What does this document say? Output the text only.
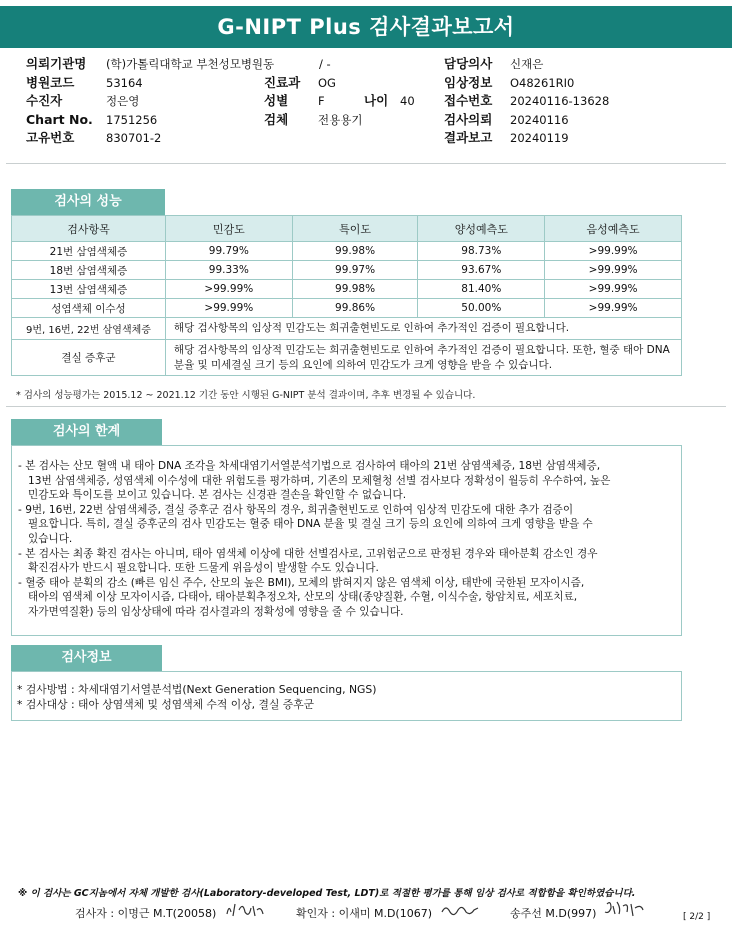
G-NIPT Plus 검사결과보고서
의뢰기관명 (학)가톨릭대학교 부천성모병원동	/ -	담당의사 신재은
병원코드	53164	진료과 OG	임상정보 O48261RI0
수진자	정은영	성별	F	나이 40 접수번호 20240116-13628
Chart No. 1751256	검체	전용용기	검사의뢰 20240116
고유번호	830701-2	결과보고 20240119
검사의 성능
검사항목	민감도	특이도	양성예측도	음성예측도
21번 삼염색체증	99.79%	99.98%	98.73%	>99.99%
18번 삼염색체증	99.33%	99.97%	93.67%	>99.99%
13번 삼염색체증	>99.99%	99.98%	81.40%	>99.99%
성염색체 이수성	>99.99%	99.86%	50.00%	>99.99%
9번, 16번, 22번 삼염색체증	해당 검사항목의 임상적 민감도는 희귀출현빈도로 인하여 추가적인 검증이 필요합니다.			
결실 증후군	해당 검사항목의 임상적 민감도는 희귀출현빈도로 인하여 추가적인 검증이 필요합니다. 또한, 혈중 태아 DNA 분율 및 미세결실 크기 등의 요인에 의하여 민감도가 크게 영향을 받을 수 있습니다.			
* 검사의 성능평가는 2015.12 ~ 2021.12 기간 동안 시행된 G-NIPT 분석 결과이며, 추후 변경될 수 있습니다.
검사의 한계

- 본 검사는 산모 혈액 내 태아 DNA 조각을 차세대염기서열분석기법으로 검사하여 태아의 21번 삼염색체증, 18번 삼염색체증,

13번 삼염색체증, 성염색체 이수성에 대한 위험도를 평가하며, 기존의 모체혈청 선별 검사보다 정확성이 월등히 우수하여, 높은

민감도와 특이도를 보이고 있습니다. 본 검사는 신경관 결손을 확인할 수 없습니다.

- 9번, 16번, 22번 삼염색체증, 결실 증후군 검사 항목의 경우, 희귀출현빈도로 인하여 임상적 민감도에 대한 추가 검증이

필요합니다. 특히, 결실 증후군의 검사 민감도는 혈중 태아 DNA 분율 및 결실 크기 등의 요인에 의하여 크게 영향을 받을 수

있습니다.

- 본 검사는 최종 확진 검사는 아니며, 태아 염색체 이상에 대한 선별검사로, 고위험군으로 판정된 경우와 태아분획 감소인 경우

확진검사가 반드시 필요합니다. 또한 드물게 위음성이 발생할 수도 있습니다.

- 혈중 태아 분획의 감소 (빠른 임신 주수, 산모의 높은 BMI), 모체의 밝혀지지 않은 염색체 이상, 태반에 국한된 모자이시즘,

태아의 염색체 이상 모자이시즘, 다태아, 태아분획추정오차, 산모의 상태(종양질환, 수혈, 이식수술, 항암치료, 세포치료,

자가면역질환) 등의 임상상태에 따라 검사결과의 정확성에 영향을 줄 수 있습니다.

검사정보

* 검사방법 : 차세대염기서열분석법(Next Generation Sequencing, NGS)

* 검사대상 : 태아 상염색체 및 성염색체 수적 이상, 결실 증후군

※ 이 검사는 GC지놈에서 자체 개발한 검사(Laboratory-developed Test, LDT)로 적절한 평가를 통해 임상 검사로 적합함을 확인하였습니다.
검사자 : 이명근 M.T(20058)	확인자 : 이새미 M.D(1067)	송주선 M.D(997)	[ 2/2 ]
